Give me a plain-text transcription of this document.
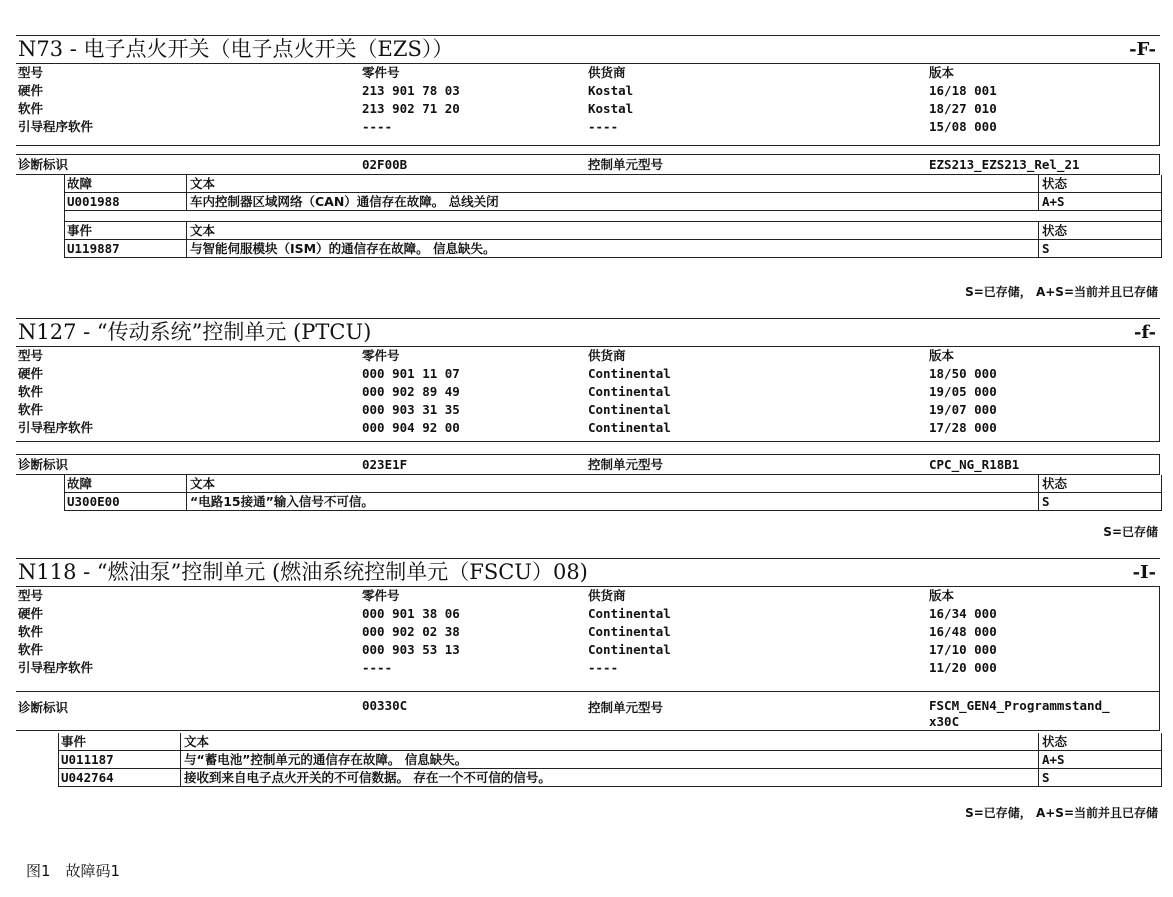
N73 - 电子点火开关（电子点火开关（EZS））	-F-
型号	零件号	供货商	版本
硬件	213 901 78 03	Kostal	16/18 001
软件	213 902 71 20	Kostal	18/27 010
引导程序软件	----	----	15/08 000
诊断标识	02F00B	控制单元型号	EZS213_EZS213_Rel_21
故障	文本	状态
U001988	车内控制器区域网络（CAN）通信存在故障。 总线关闭	A+S
事件	文本	状态
U119887	与智能伺服模块（ISM）的通信存在故障。 信息缺失。	S
S=已存储， A+S=当前并且已存储
N127 - “传动系统”控制单元 (PTCU)	-f-
型号	零件号	供货商	版本
硬件	000 901 11 07	Continental	18/50 000
软件	000 902 89 49	Continental	19/05 000
软件	000 903 31 35	Continental	19/07 000
引导程序软件	000 904 92 00	Continental	17/28 000
诊断标识	023E1F	控制单元型号	CPC_NG_R18B1
故障	文本	状态
U300E00	“电路15接通”输入信号不可信。	S
S=已存储
N118 - “燃油泵”控制单元 (燃油系统控制单元（FSCU）08)	-I-
型号	零件号	供货商	版本
硬件	000 901 38 06	Continental	16/34 000
软件	000 902 02 38	Continental	16/48 000
软件	000 903 53 13	Continental	17/10 000
引导程序软件	----	----	11/20 000
诊断标识	00330C	控制单元型号	FSCM_GEN4_Programmstand_
x30C
事件	文本	状态
U011187	与“蓄电池”控制单元的通信存在故障。 信息缺失。	A+S
U042764	接收到来自电子点火开关的不可信数据。 存在一个不可信的信号。	S
S=已存储， A+S=当前并且已存储
图1　故障码1
